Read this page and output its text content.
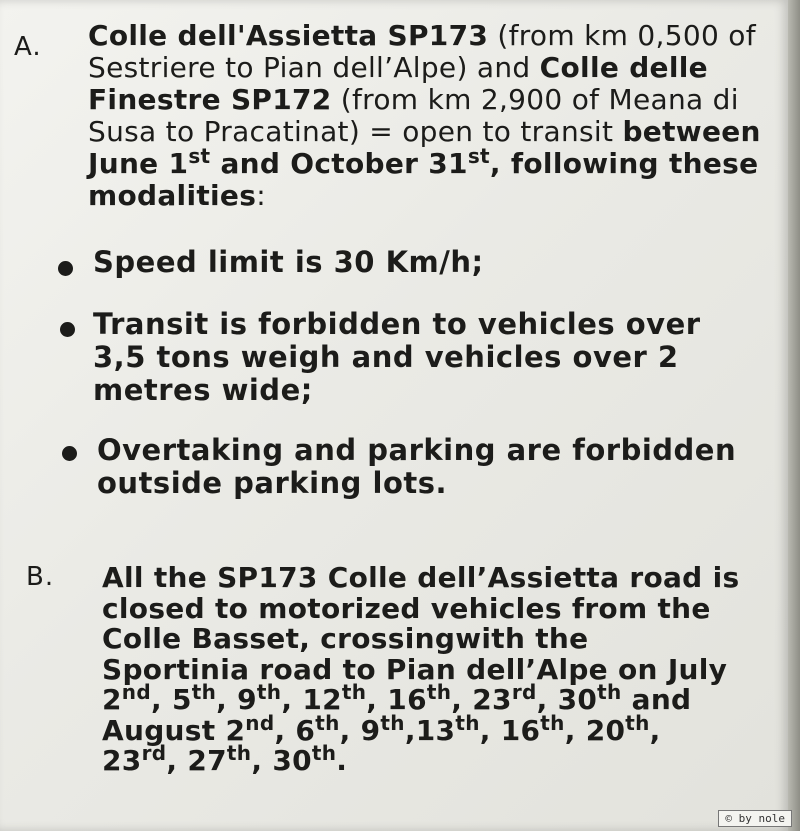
A. Colle dell'Assietta SP173 (from km 0,500 of Sestriere to Pian dell’Alpe) and Colle delle Finestre SP172 (from km 2,900 of Meana di Susa to Pracatinat) = open to transit between June 1st and October 31st, following these modalities:

Speed limit is 30 Km/h;

Transit is forbidden to vehicles over 3,5 tons weigh and vehicles over 2 metres wide;

Overtaking and parking are forbidden outside parking lots.

B. All the SP173 Colle dell’Assietta road is closed to motorized vehicles from the Colle Basset, crossingwith the Sportinia road to Pian dell’Alpe on July 2nd, 5th, 9th, 12th, 16th, 23rd, 30th and August 2nd, 6th, 9th,13th, 16th, 20th, 23rd, 27th, 30th.

© by nole
